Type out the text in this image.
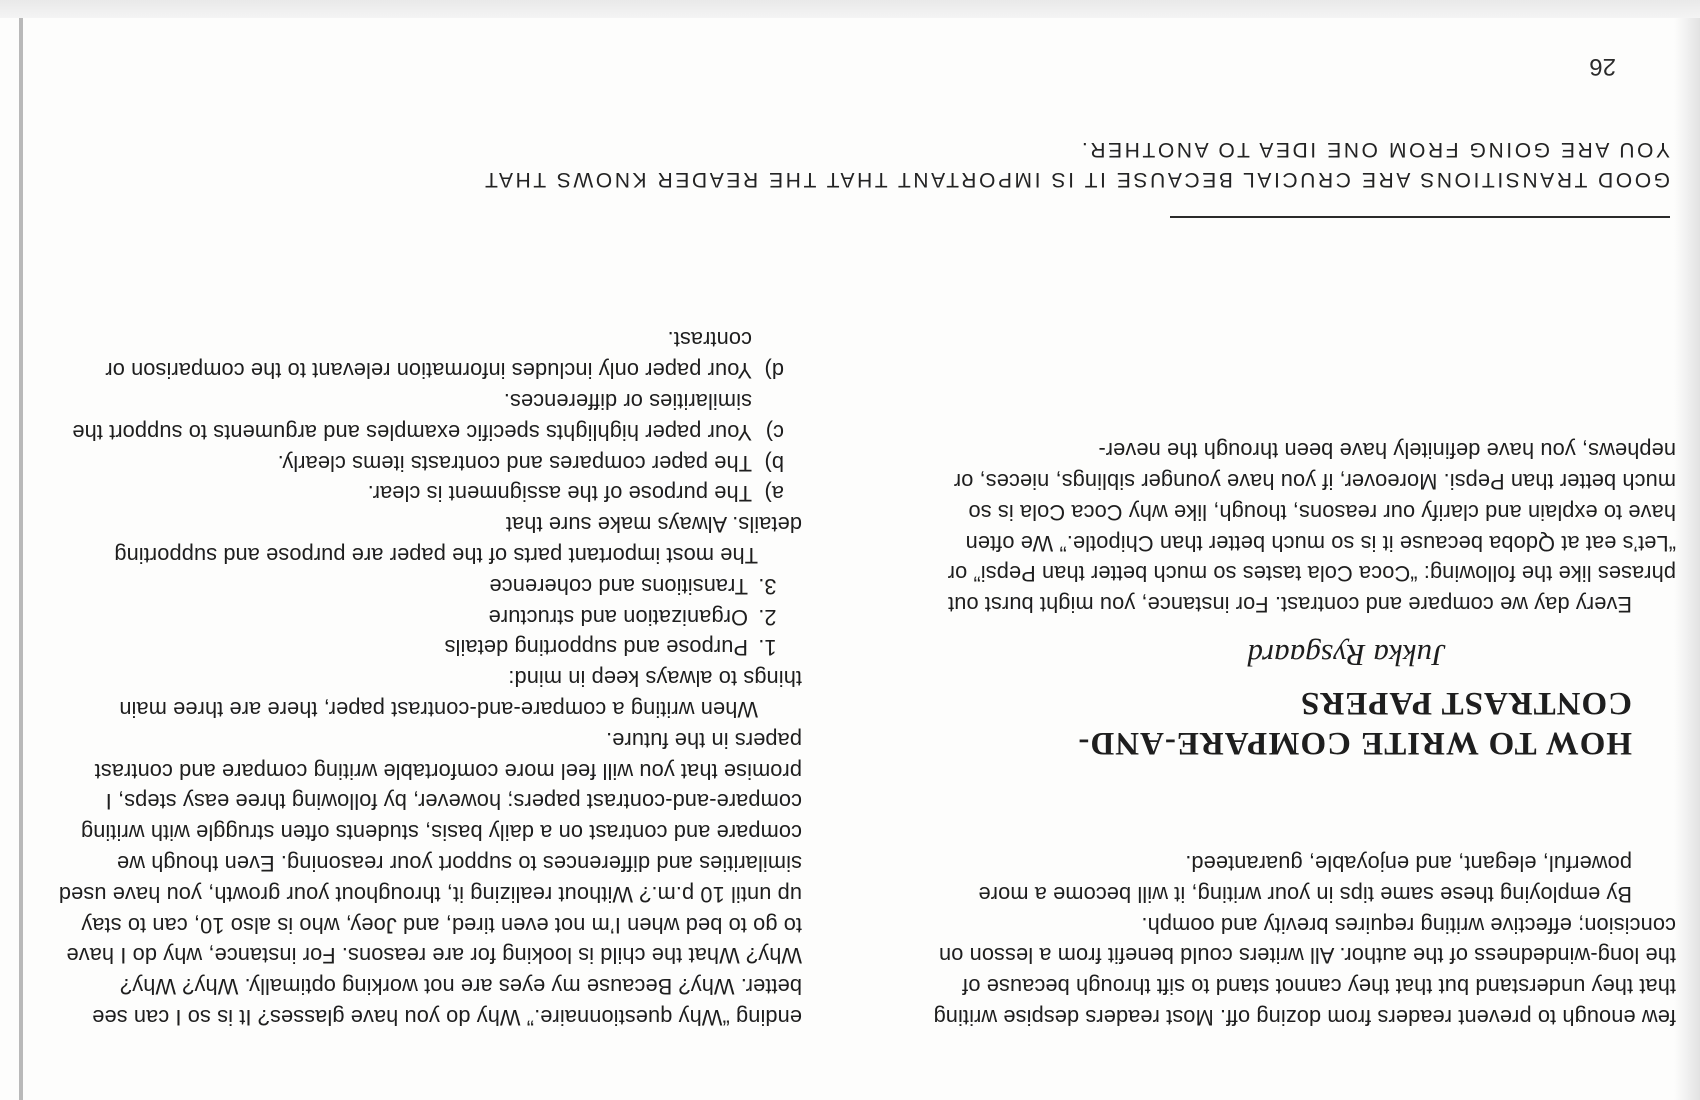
26

few enough to prevent readers from dozing off. Most readers despise writing that they understand but that they cannot stand to sift through because of the long-windedness of the author. All writers could benefit from a lesson on concision; effective writing requires brevity and oomph.

By employing these same tips in your writing, it will become a more powerful, elegant, and enjoyable, guaranteed.

HOW TO WRITE COMPARE-AND-CONTRAST PAPERS
Jukka Rysgaard

Every day we compare and contrast. For instance, you might burst out phrases like the following: “Coca Cola tastes so much better than Pepsi” or “Let’s eat at Qdoba because it is so much better than Chipotle.” We often have to explain and clarify our reasons, though, like why Coca Cola is so much better than Pepsi. Moreover, if you have younger siblings, nieces, or nephews, you have definitely have been through the never-

ending “Why questionnaire.” Why do you have glasses? It is so I can see better. Why? Because my eyes are not working optimally. Why? Why? Why? What the child is looking for are reasons. For instance, why do I have to go to bed when I’m not even tired, and Joey, who is also 10, can to stay up until 10 p.m.? Without realizing it, throughout your growth, you have used similarities and differences to support your reasoning. Even though we compare and contrast on a daily basis, students often struggle with writing compare-and-contrast papers; however, by following three easy steps, I promise that you will feel more comfortable writing compare and contrast papers in the future.

When writing a compare-and-contrast paper, there are three main things to always keep in mind:

1. Purpose and supporting details
2. Organization and structure
3. Transitions and coherence

The most important parts of the paper are purpose and supporting details. Always make sure that

a)
The purpose of the assignment is clear.
b)
The paper compares and contrasts items clearly.
c)
Your paper highlights specific examples and arguments to support the similarities or differences.
d)
Your paper only includes information relevant to the comparison or contrast.

GOOD TRANSITIONS ARE CRUCIAL BECAUSE IT IS IMPORTANT THAT THE READER KNOWS THAT YOU ARE GOING FROM ONE IDEA TO ANOTHER.
